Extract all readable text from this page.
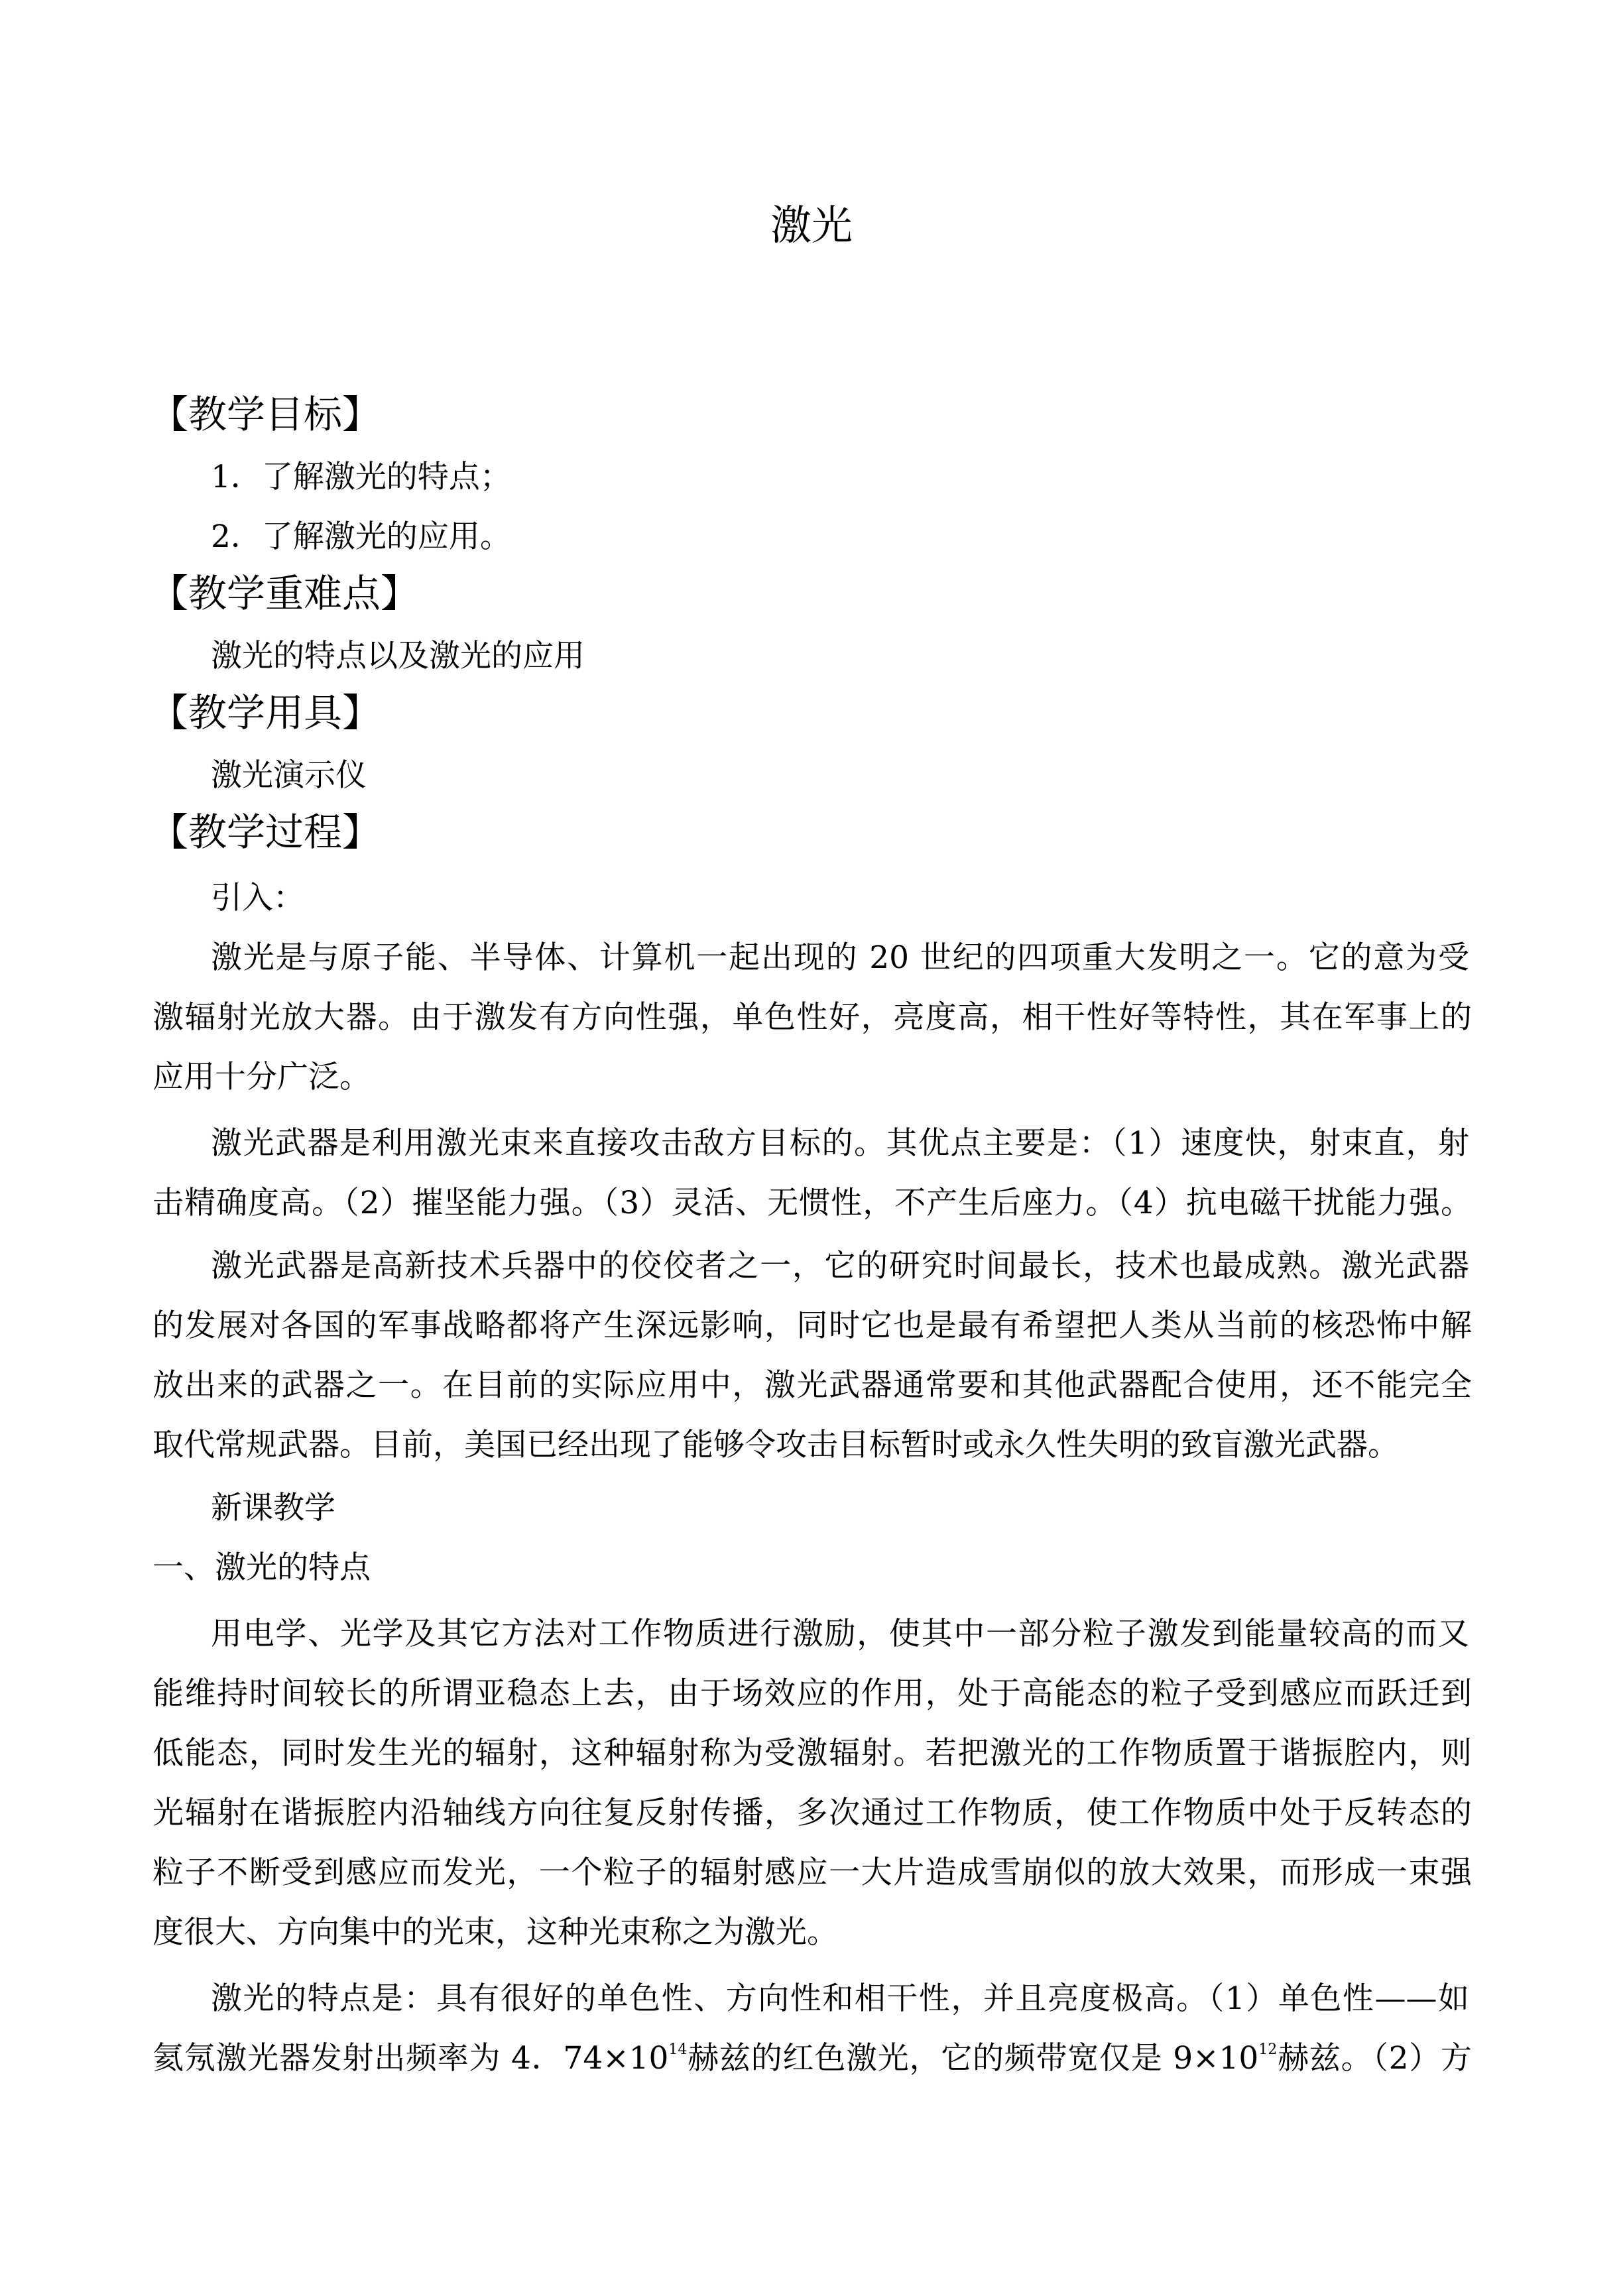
激光
【教学目标】
1．了解激光的特点；
2．了解激光的应用。
【教学重难点】
激光的特点以及激光的应用
【教学用具】
激光演示仪
【教学过程】
引入：
激光是与原子能、半导体、计算机一起出现的 20 世纪的四项重大发明之一。它的意为受
激辐射光放大器。由于激发有方向性强，单色性好，亮度高，相干性好等特性，其在军事上的
应用十分广泛。
激光武器是利用激光束来直接攻击敌方目标的。其优点主要是：（1）速度快，射束直，射
击精确度高。（2）摧坚能力强。（3）灵活、无惯性，不产生后座力。（4）抗电磁干扰能力强。
激光武器是高新技术兵器中的佼佼者之一，它的研究时间最长，技术也最成熟。激光武器
的发展对各国的军事战略都将产生深远影响，同时它也是最有希望把人类从当前的核恐怖中解
放出来的武器之一。在目前的实际应用中，激光武器通常要和其他武器配合使用，还不能完全
取代常规武器。目前，美国已经出现了能够令攻击目标暂时或永久性失明的致盲激光武器。
新课教学
一、激光的特点
用电学、光学及其它方法对工作物质进行激励，使其中一部分粒子激发到能量较高的而又
能维持时间较长的所谓亚稳态上去，由于场效应的作用，处于高能态的粒子受到感应而跃迁到
低能态，同时发生光的辐射，这种辐射称为受激辐射。若把激光的工作物质置于谐振腔内，则
光辐射在谐振腔内沿轴线方向往复反射传播，多次通过工作物质，使工作物质中处于反转态的
粒子不断受到感应而发光，一个粒子的辐射感应一大片造成雪崩似的放大效果，而形成一束强
度很大、方向集中的光束，这种光束称之为激光。
激光的特点是：具有很好的单色性、方向性和相干性，并且亮度极高。（1）单色性——如
氦氖激光器发射出频率为 4．$74\times 10^{14}$赫兹的红色激光，它的频带宽仅是 $9\times 10^{12}$赫兹。（2）方
